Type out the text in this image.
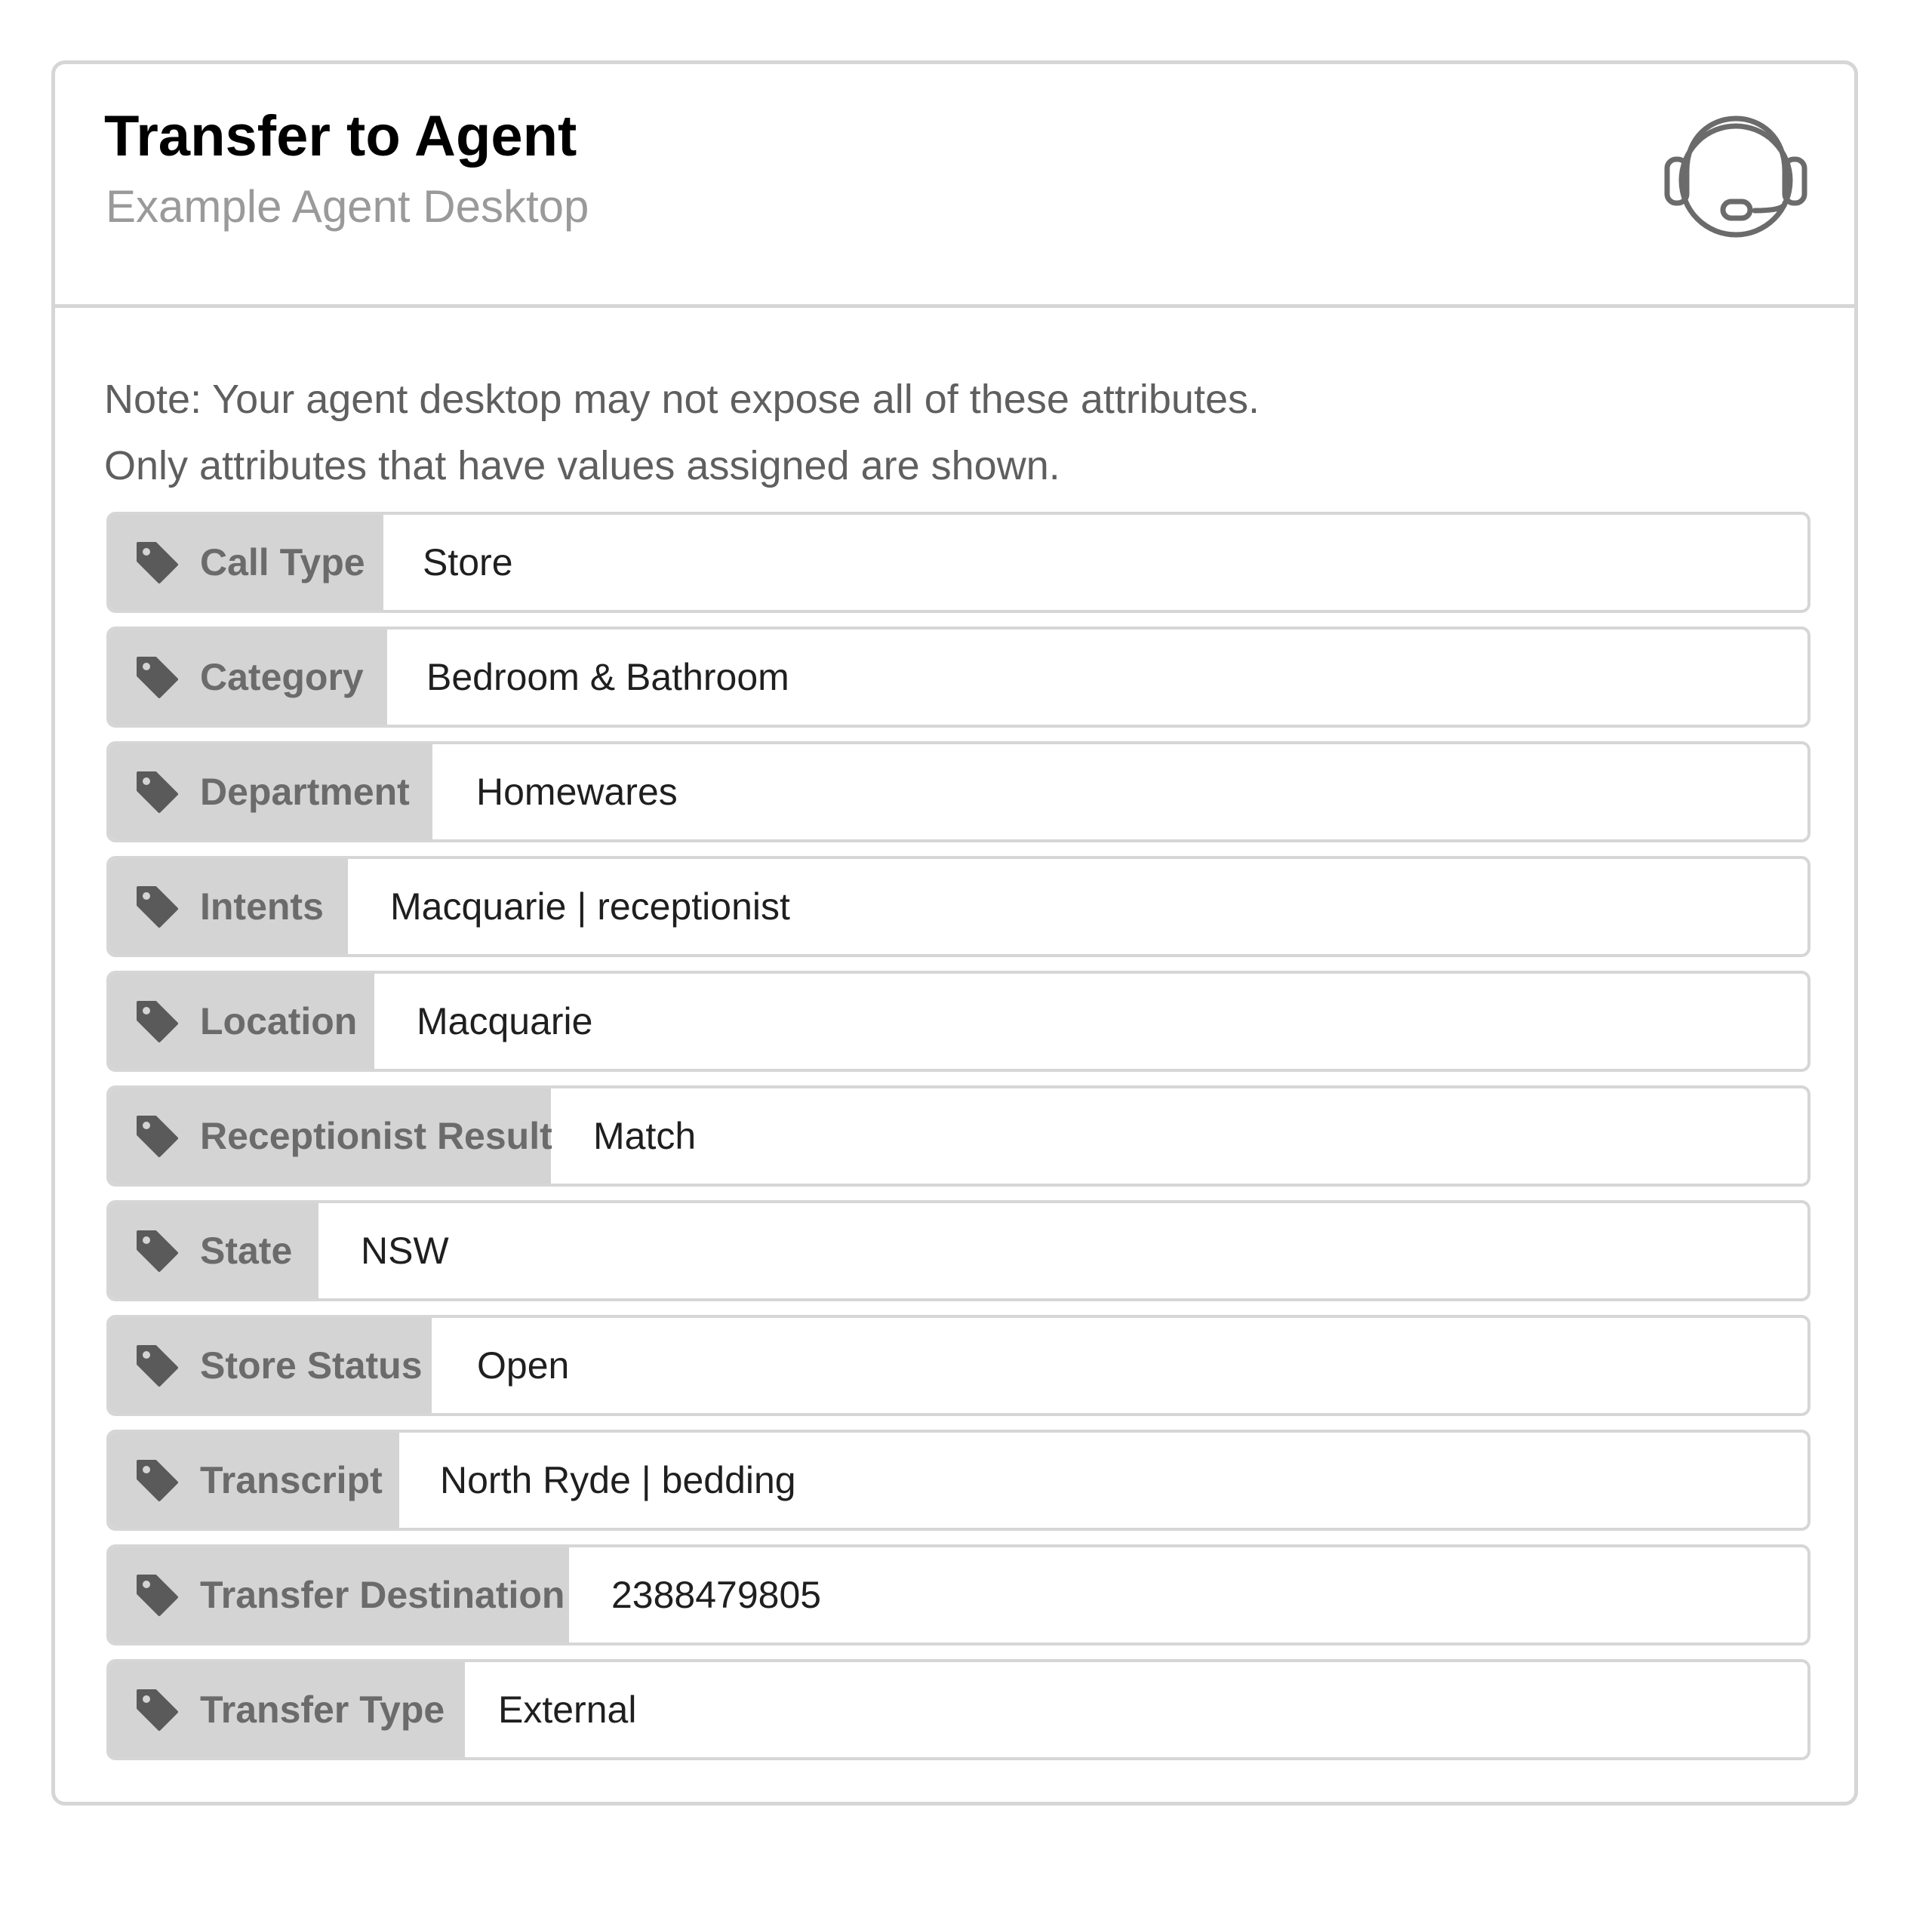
Transfer to Agent
Example Agent Desktop
Note: Your agent desktop may not expose all of these attributes.
Only attributes that have values assigned are shown.
Call Type	Store
Category	Bedroom & Bathroom
Department	Homewares
Intents	Macquarie | receptionist
Location	Macquarie
Receptionist Result	Match
State	NSW
Store Status	Open
Transcript	North Ryde | bedding
Transfer Destination	2388479805
Transfer Type	External
